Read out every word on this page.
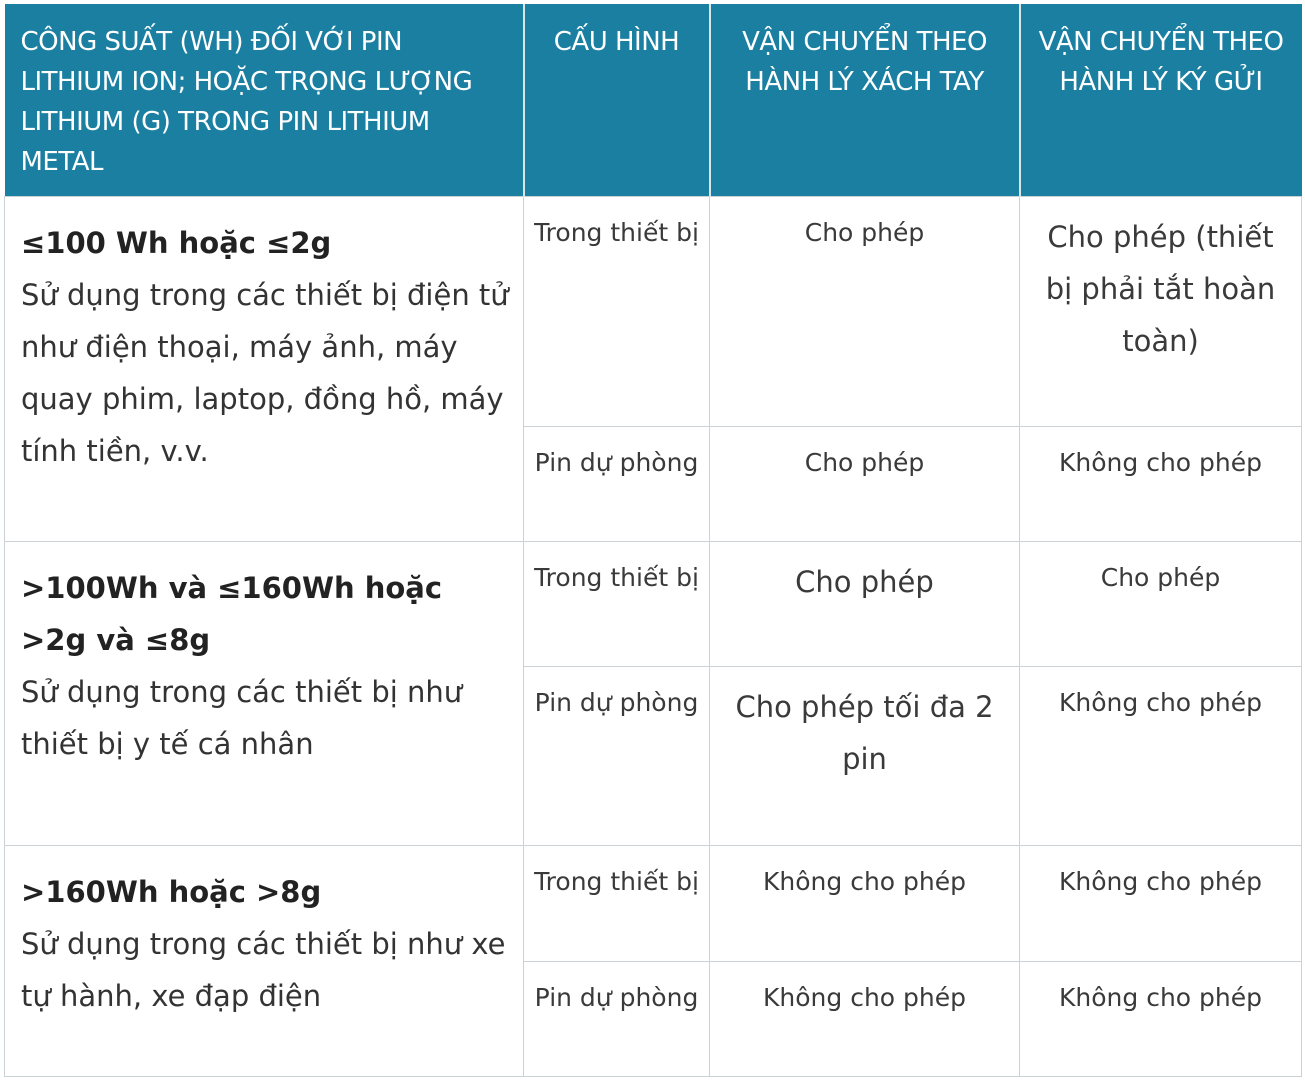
CÔNG SUẤT (WH) ĐỐI VỚI PIN LITHIUM ION; HOẶC TRỌNG LƯỢNG LITHIUM (G) TRONG PIN LITHIUM METAL	CẤU HÌNH	VẬN CHUYỂN THEO HÀNH LÝ XÁCH TAY	VẬN CHUYỂN THEO HÀNH LÝ KÝ GỬI

≤100 Wh hoặc ≤2g
Sử dụng trong các thiết bị điện tử như điện thoại, máy ảnh, máy quay phim, laptop, đồng hồ, máy tính tiền, v.v.	Trong thiết bị	Cho phép	Cho phép (thiết bị phải tắt hoàn toàn)
	Pin dự phòng	Cho phép	Không cho phép

>100Wh và ≤160Wh hoặc >2g và ≤8g
Sử dụng trong các thiết bị như thiết bị y tế cá nhân	Trong thiết bị	Cho phép	Cho phép
	Pin dự phòng	Cho phép tối đa 2 pin	Không cho phép

>160Wh hoặc >8g
Sử dụng trong các thiết bị như xe tự hành, xe đạp điện	Trong thiết bị	Không cho phép	Không cho phép
	Pin dự phòng	Không cho phép	Không cho phép
